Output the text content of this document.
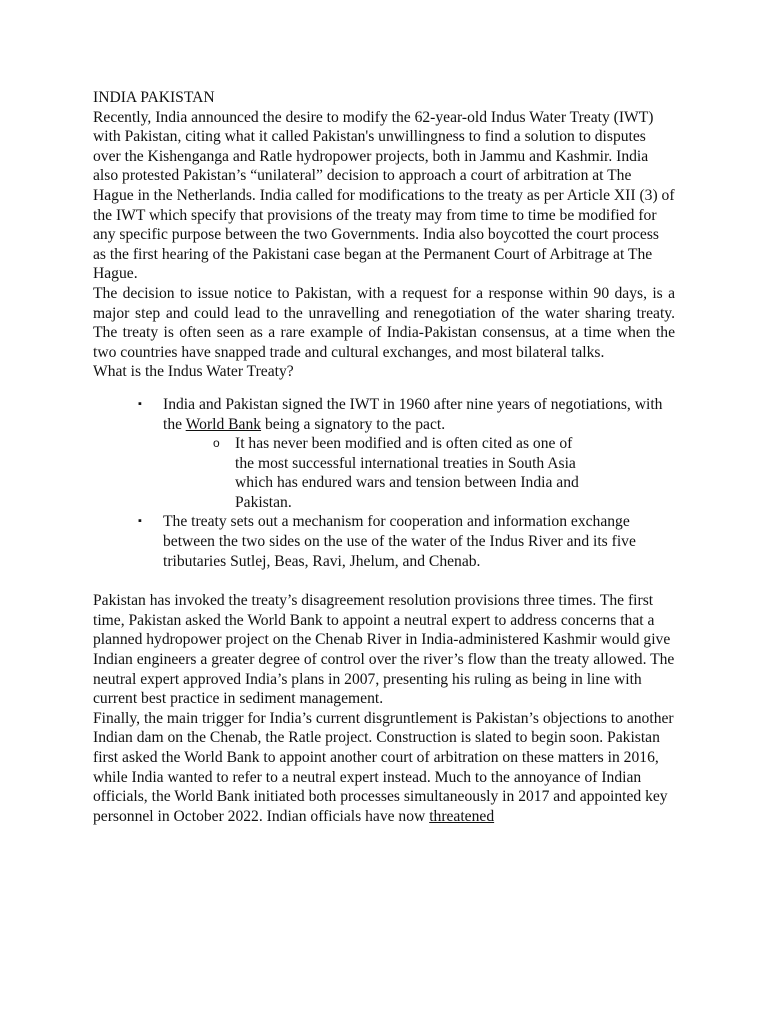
INDIA PAKISTAN

Recently, India announced the desire to modify the 62-year-old Indus Water Treaty (IWT) with Pakistan, citing what it called Pakistan's unwillingness to find a solution to disputes over the Kishenganga and Ratle hydropower projects, both in Jammu and Kashmir. India also protested Pakistan’s “unilateral” decision to approach a court of arbitration at The Hague in the Netherlands. India called for modifications to the treaty as per Article XII (3) of the IWT which specify that provisions of the treaty may from time to time be modified for any specific purpose between the two Governments. India also boycotted the court process as the first hearing of the Pakistani case began at the Permanent Court of Arbitrage at The Hague.

The decision to issue notice to Pakistan, with a request for a response within 90 days, is a major step and could lead to the unravelling and renegotiation of the water sharing treaty. The treaty is often seen as a rare example of India-Pakistan consensus, at a time when the two countries have snapped trade and cultural exchanges, and most bilateral talks.

What is the Indus Water Treaty?

▪ India and Pakistan signed the IWT in 1960 after nine years of negotiations, with the World Bank being a signatory to the pact.
o It has never been modified and is often cited as one of the most successful international treaties in South Asia which has endured wars and tension between India and Pakistan.
▪ The treaty sets out a mechanism for cooperation and information exchange between the two sides on the use of the water of the Indus River and its five tributaries Sutlej, Beas, Ravi, Jhelum, and Chenab.

Pakistan has invoked the treaty’s disagreement resolution provisions three times. The first time, Pakistan asked the World Bank to appoint a neutral expert to address concerns that a planned hydropower project on the Chenab River in India-administered Kashmir would give Indian engineers a greater degree of control over the river’s flow than the treaty allowed. The neutral expert approved India’s plans in 2007, presenting his ruling as being in line with current best practice in sediment management.

Finally, the main trigger for India’s current disgruntlement is Pakistan’s objections to another Indian dam on the Chenab, the Ratle project. Construction is slated to begin soon. Pakistan first asked the World Bank to appoint another court of arbitration on these matters in 2016, while India wanted to refer to a neutral expert instead. Much to the annoyance of Indian officials, the World Bank initiated both processes simultaneously in 2017 and appointed key personnel in October 2022. Indian officials have now threatened
